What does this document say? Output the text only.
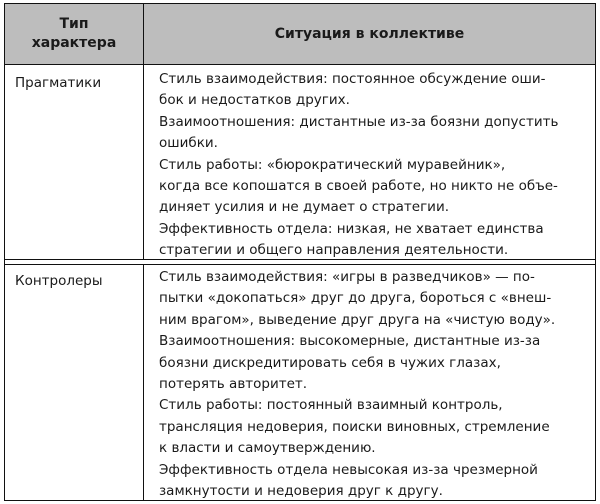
Тип
характера
Ситуация в коллективе
Прагматики	Стиль взаимодействия: постоянное обсуждение оши-
бок и недостатков других.
Взаимоотношения: дистантные из-за боязни допустить
ошибки.
Стиль работы: «бюрократический муравейник»,
когда все копошатся в своей работе, но никто не объе-
диняет усилия и не думает о стратегии.
Эффективность отдела: низкая, не хватает единства
стратегии и общего направления деятельности.
Контролеры	Стиль взаимодействия: «игры в разведчиков» — по-
пытки «докопаться» друг до друга, бороться с «внеш-
ним врагом», выведение друг друга на «чистую воду».
Взаимоотношения: высокомерные, дистантные из-за
боязни дискредитировать себя в чужих глазах,
потерять авторитет.
Стиль работы: постоянный взаимный контроль,
трансляция недоверия, поиски виновных, стремление
к власти и самоутверждению.
Эффективность отдела невысокая из-за чрезмерной
замкнутости и недоверия друг к другу.
